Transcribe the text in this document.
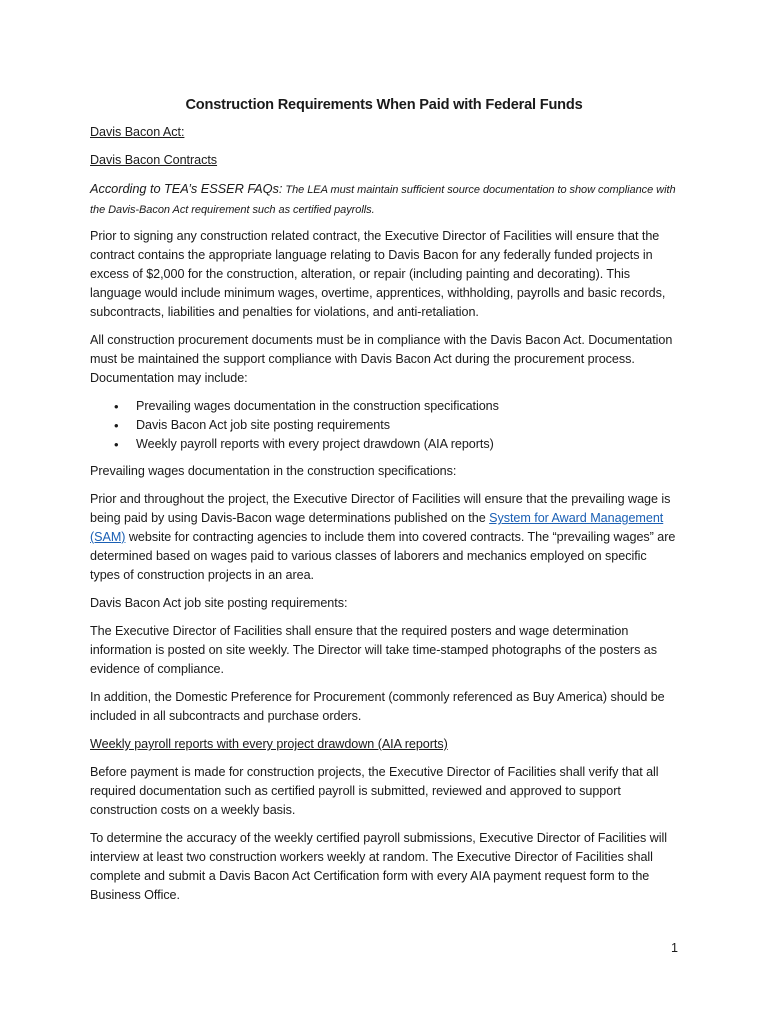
Construction Requirements When Paid with Federal Funds

Davis Bacon Act:

Davis Bacon Contracts

According to TEA’s ESSER FAQs: The LEA must maintain sufficient source documentation to show compliance with the Davis-Bacon Act requirement such as certified payrolls.

Prior to signing any construction related contract, the Executive Director of Facilities will ensure that the contract contains the appropriate language relating to Davis Bacon for any federally funded projects in excess of $2,000 for the construction, alteration, or repair (including painting and decorating). This language would include minimum wages, overtime, apprentices, withholding, payrolls and basic records, subcontracts, liabilities and penalties for violations, and anti-retaliation.

All construction procurement documents must be in compliance with the Davis Bacon Act. Documentation must be maintained the support compliance with Davis Bacon Act during the procurement process. Documentation may include:

• Prevailing wages documentation in the construction specifications
• Davis Bacon Act job site posting requirements
• Weekly payroll reports with every project drawdown (AIA reports)

Prevailing wages documentation in the construction specifications:

Prior and throughout the project, the Executive Director of Facilities will ensure that the prevailing wage is being paid by using Davis-Bacon wage determinations published on the System for Award Management (SAM) website for contracting agencies to include them into covered contracts. The “prevailing wages” are determined based on wages paid to various classes of laborers and mechanics employed on specific types of construction projects in an area.

Davis Bacon Act job site posting requirements:

The Executive Director of Facilities shall ensure that the required posters and wage determination information is posted on site weekly. The Director will take time-stamped photographs of the posters as evidence of compliance.

In addition, the Domestic Preference for Procurement (commonly referenced as Buy America) should be included in all subcontracts and purchase orders.

Weekly payroll reports with every project drawdown (AIA reports)

Before payment is made for construction projects, the Executive Director of Facilities shall verify that all required documentation such as certified payroll is submitted, reviewed and approved to support construction costs on a weekly basis.

To determine the accuracy of the weekly certified payroll submissions, Executive Director of Facilities will interview at least two construction workers weekly at random. The Executive Director of Facilities shall complete and submit a Davis Bacon Act Certification form with every AIA payment request form to the Business Office.

1
